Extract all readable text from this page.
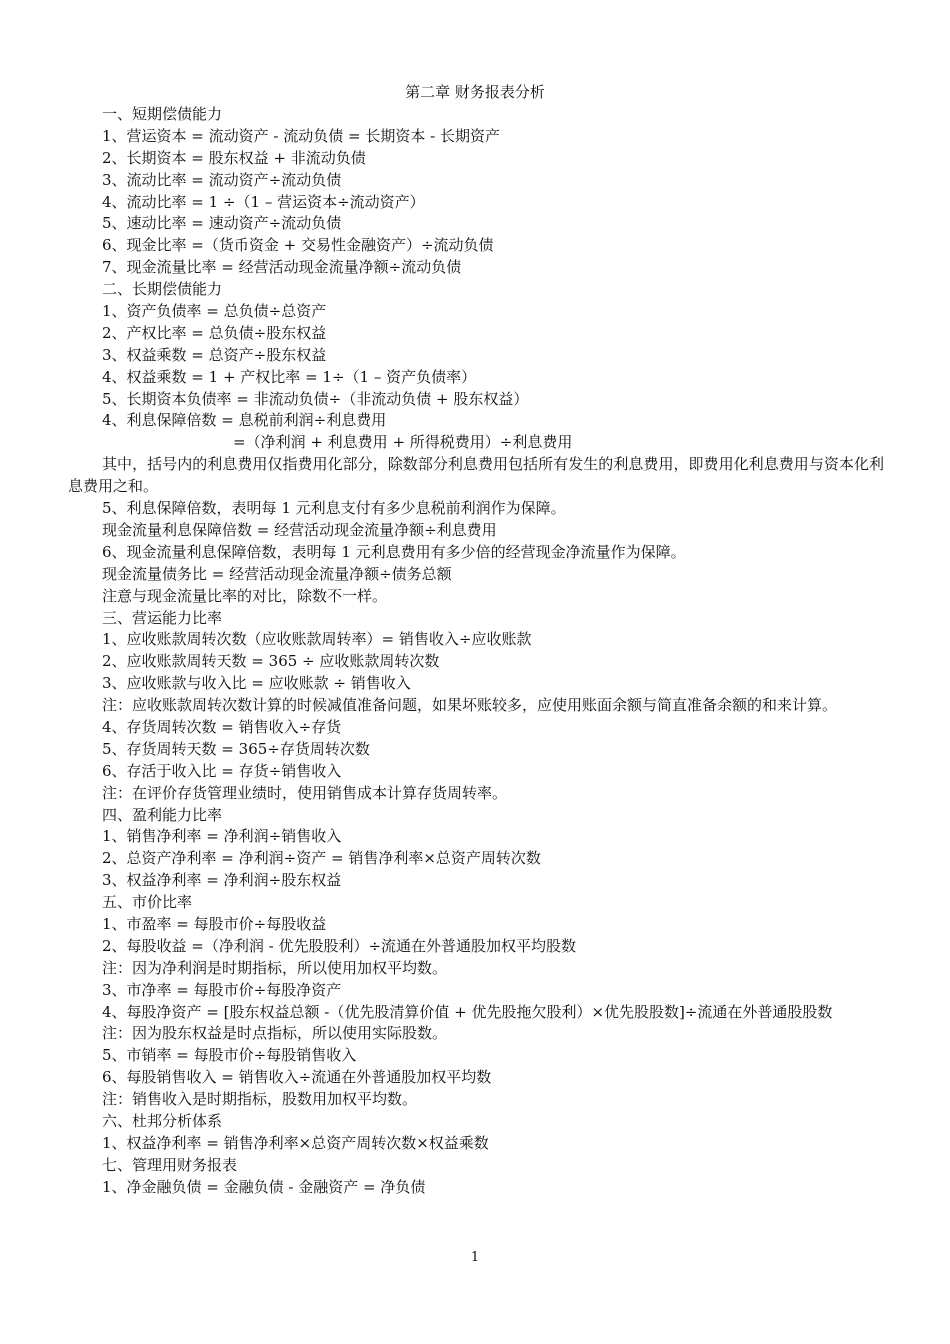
第二章 财务报表分析
一、短期偿债能力
1、营运资本 = 流动资产 - 流动负债 = 长期资本 - 长期资产
2、长期资本 = 股东权益 + 非流动负债
3、流动比率 = 流动资产÷流动负债
4、流动比率 = 1 ÷（1 – 营运资本÷流动资产）
5、速动比率 = 速动资产÷流动负债
6、现金比率 =（货币资金 + 交易性金融资产）÷流动负债
7、现金流量比率 = 经营活动现金流量净额÷流动负债
二、长期偿债能力
1、资产负债率 = 总负债÷总资产
2、产权比率 = 总负债÷股东权益
3、权益乘数 = 总资产÷股东权益
4、权益乘数 = 1 + 产权比率 = 1÷（1 – 资产负债率）
5、长期资本负债率 = 非流动负债÷（非流动负债 + 股东权益）
4、利息保障倍数 = 息税前利润÷利息费用
=（净利润 + 利息费用 + 所得税费用）÷利息费用
其中，括号内的利息费用仅指费用化部分，除数部分利息费用包括所有发生的利息费用，即费用化利息费用与资本化利息费用之和。
5、利息保障倍数，表明每 1 元利息支付有多少息税前利润作为保障。
现金流量利息保障倍数 = 经营活动现金流量净额÷利息费用
6、现金流量利息保障倍数，表明每 1 元利息费用有多少倍的经营现金净流量作为保障。
现金流量债务比 = 经营活动现金流量净额÷债务总额
注意与现金流量比率的对比，除数不一样。
三、营运能力比率
1、应收账款周转次数（应收账款周转率）= 销售收入÷应收账款
2、应收账款周转天数 = 365 ÷ 应收账款周转次数
3、应收账款与收入比 = 应收账款 ÷ 销售收入
注：应收账款周转次数计算的时候减值准备问题，如果坏账较多，应使用账面余额与简直准备余额的和来计算。
4、存货周转次数 = 销售收入÷存货
5、存货周转天数 = 365÷存货周转次数
6、存活于收入比 = 存货÷销售收入
注：在评价存货管理业绩时，使用销售成本计算存货周转率。
四、盈利能力比率
1、销售净利率 = 净利润÷销售收入
2、总资产净利率 = 净利润÷资产 = 销售净利率×总资产周转次数
3、权益净利率 = 净利润÷股东权益
五、市价比率
1、市盈率 = 每股市价÷每股收益
2、每股收益 =（净利润 - 优先股股利）÷流通在外普通股加权平均股数
注：因为净利润是时期指标，所以使用加权平均数。
3、市净率 = 每股市价÷每股净资产
4、每股净资产 = [股东权益总额 -（优先股清算价值 + 优先股拖欠股利）×优先股股数]÷流通在外普通股股数
注：因为股东权益是时点指标，所以使用实际股数。
5、市销率 = 每股市价÷每股销售收入
6、每股销售收入 = 销售收入÷流通在外普通股加权平均数
注：销售收入是时期指标，股数用加权平均数。
六、杜邦分析体系
1、权益净利率 = 销售净利率×总资产周转次数×权益乘数
七、管理用财务报表
1、净金融负债 = 金融负债 - 金融资产 = 净负债
1
